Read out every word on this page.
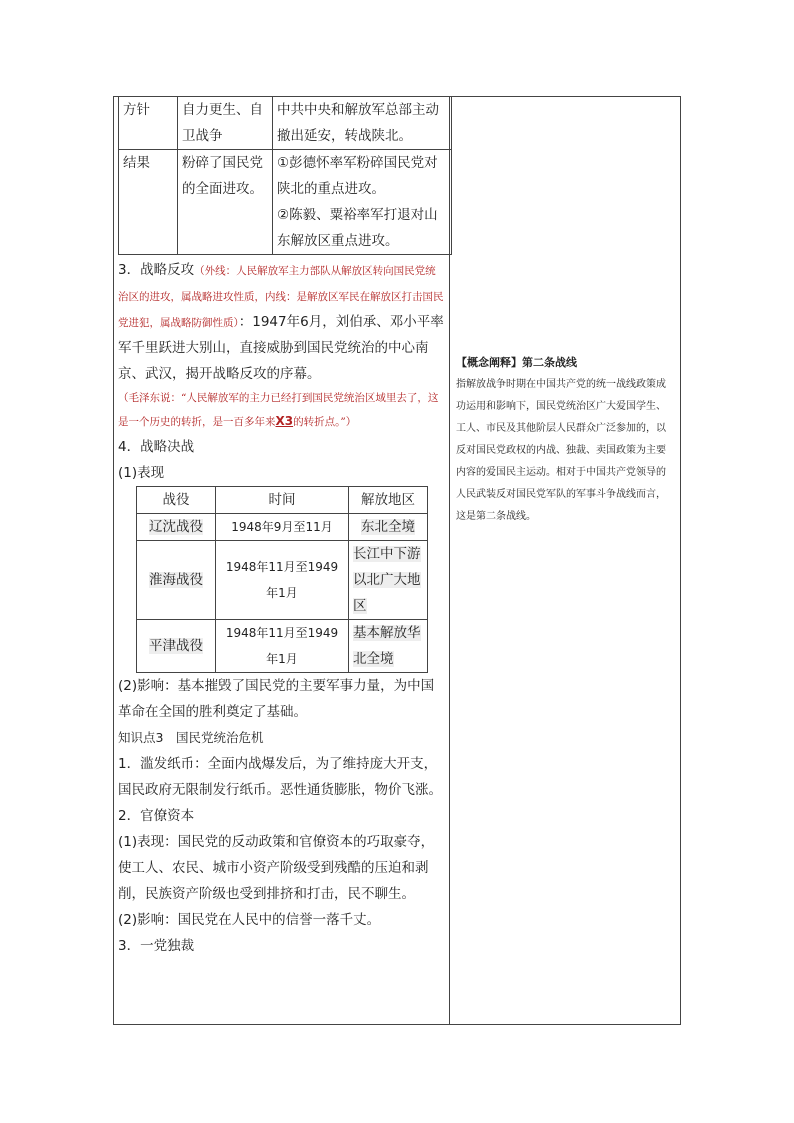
方针	自力更生、自卫战争	中共中央和解放军总部主动撤出延安，转战陕北。
结果	粉碎了国民党的全面进攻。	①彭德怀率军粉碎国民党对陕北的重点进攻。
②陈毅、粟裕率军打退对山东解放区重点进攻。
3．战略反攻（外线：人民解放军主力部队从解放区转向国民党统治区的进攻，属战略进攻性质，内线：是解放区军民在解放区打击国民党进犯，属战略防御性质）：1947年6月，刘伯承、邓小平率军千里跃进大别山，直接威胁到国民党统治的中心南京、武汉，揭开战略反攻的序幕。
（毛泽东说：“人民解放军的主力已经打到国民党统治区域里去了，这是一个历史的转折，是一百多年来X3的转折点。”）
4．战略决战
(1)表现
战役	时间	解放地区
辽沈战役	1948年9月至11月	东北全境
淮海战役	1948年11月至1949年1月	长江中下游以北广大地区
平津战役	1948年11月至1949年1月	基本解放华北全境
(2)影响：基本摧毁了国民党的主要军事力量，为中国革命在全国的胜利奠定了基础。
知识点3　国民党统治危机
1．滥发纸币：全面内战爆发后，为了维持庞大开支，国民政府无限制发行纸币。恶性通货膨胀，物价飞涨。
2．官僚资本
(1)表现：国民党的反动政策和官僚资本的巧取豪夺，使工人、农民、城市小资产阶级受到残酷的压迫和剥削，民族资产阶级也受到排挤和打击，民不聊生。
(2)影响：国民党在人民中的信誉一落千丈。
3．一党独裁
【概念阐释】第二条战线
指解放战争时期在中国共产党的统一战线政策成功运用和影响下，国民党统治区广大爱国学生、工人、市民及其他阶层人民群众广泛参加的，以反对国民党政权的内战、独裁、卖国政策为主要内容的爱国民主运动。相对于中国共产党领导的人民武装反对国民党军队的军事斗争战线而言，这是第二条战线。
